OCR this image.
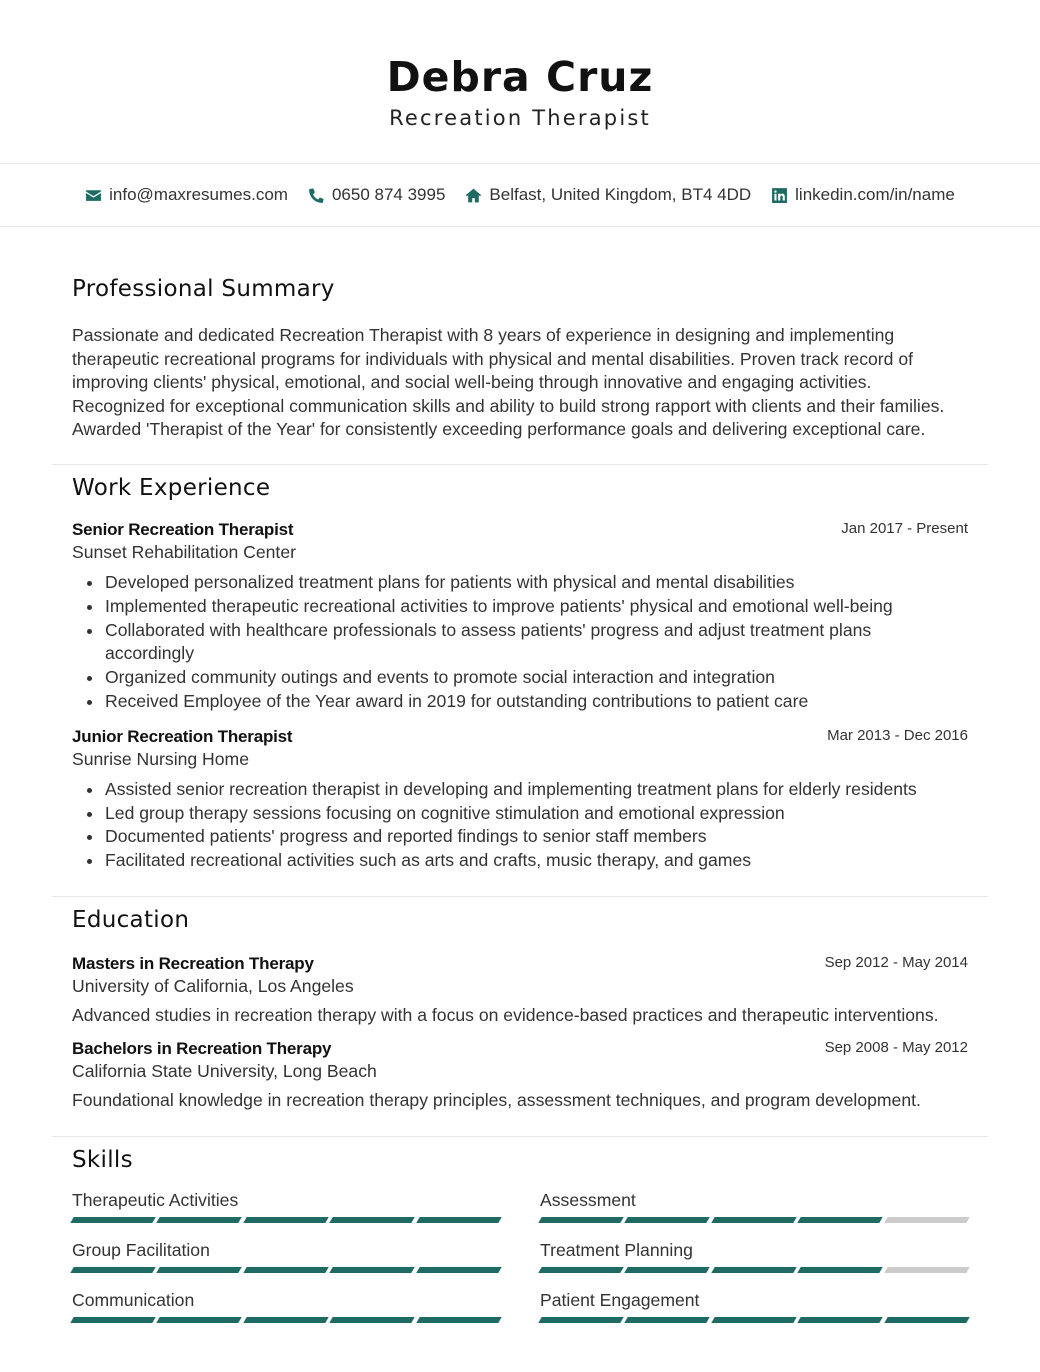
Debra Cruz
Recreation Therapist
info@maxresumes.com	0650 874 3995	Belfast, United Kingdom, BT4 4DD	linkedin.com/in/name
Professional Summary
Passionate and dedicated Recreation Therapist with 8 years of experience in designing and implementing therapeutic recreational programs for individuals with physical and mental disabilities. Proven track record of improving clients' physical, emotional, and social well-being through innovative and engaging activities. Recognized for exceptional communication skills and ability to build strong rapport with clients and their families. Awarded 'Therapist of the Year' for consistently exceeding performance goals and delivering exceptional care.
Work Experience
Senior Recreation Therapist	Jan 2017 - Present
Sunset Rehabilitation Center
Developed personalized treatment plans for patients with physical and mental disabilities
Implemented therapeutic recreational activities to improve patients' physical and emotional well-being
Collaborated with healthcare professionals to assess patients' progress and adjust treatment plans accordingly
Organized community outings and events to promote social interaction and integration
Received Employee of the Year award in 2019 for outstanding contributions to patient care
Junior Recreation Therapist	Mar 2013 - Dec 2016
Sunrise Nursing Home
Assisted senior recreation therapist in developing and implementing treatment plans for elderly residents
Led group therapy sessions focusing on cognitive stimulation and emotional expression
Documented patients' progress and reported findings to senior staff members
Facilitated recreational activities such as arts and crafts, music therapy, and games
Education
Masters in Recreation Therapy	Sep 2012 - May 2014
University of California, Los Angeles
Advanced studies in recreation therapy with a focus on evidence-based practices and therapeutic interventions.
Bachelors in Recreation Therapy	Sep 2008 - May 2012
California State University, Long Beach
Foundational knowledge in recreation therapy principles, assessment techniques, and program development.
Skills
Therapeutic Activities	Assessment
Group Facilitation	Treatment Planning
Communication	Patient Engagement
